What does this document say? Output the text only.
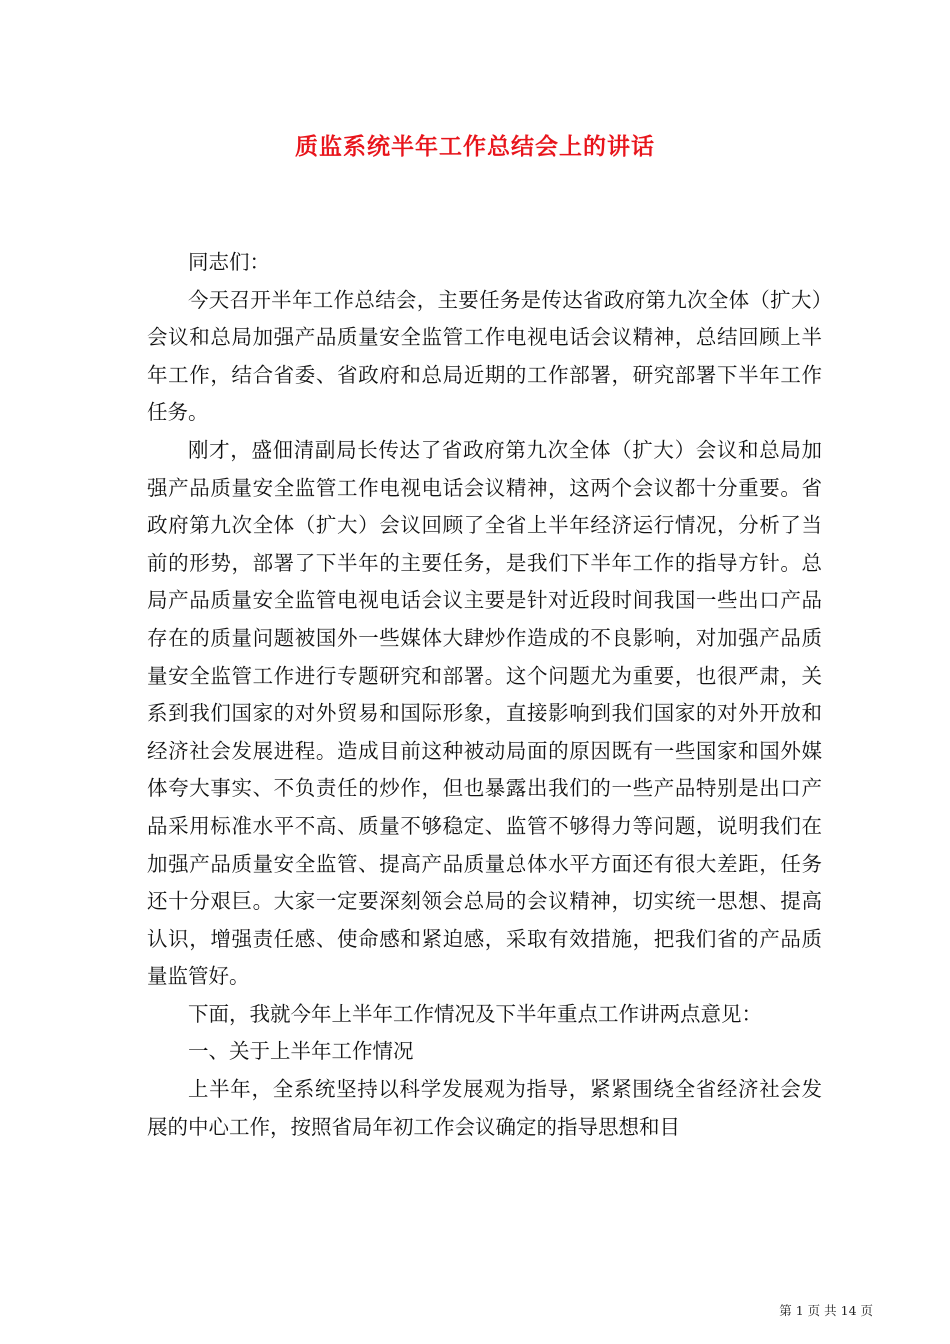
质监系统半年工作总结会上的讲话

同志们：

今天召开半年工作总结会，主要任务是传达省政府第九次全体（扩大）会议和总局加强产品质量安全监管工作电视电话会议精神，总结回顾上半年工作，结合省委、省政府和总局近期的工作部署，研究部署下半年工作任务。

刚才，盛佃清副局长传达了省政府第九次全体（扩大）会议和总局加强产品质量安全监管工作电视电话会议精神，这两个会议都十分重要。省政府第九次全体（扩大）会议回顾了全省上半年经济运行情况，分析了当前的形势，部署了下半年的主要任务，是我们下半年工作的指导方针。总局产品质量安全监管电视电话会议主要是针对近段时间我国一些出口产品存在的质量问题被国外一些媒体大肆炒作造成的不良影响，对加强产品质量安全监管工作进行专题研究和部署。这个问题尤为重要，也很严肃，关系到我们国家的对外贸易和国际形象，直接影响到我们国家的对外开放和经济社会发展进程。造成目前这种被动局面的原因既有一些国家和国外媒体夸大事实、不负责任的炒作，但也暴露出我们的一些产品特别是出口产品采用标准水平不高、质量不够稳定、监管不够得力等问题，说明我们在加强产品质量安全监管、提高产品质量总体水平方面还有很大差距，任务还十分艰巨。大家一定要深刻领会总局的会议精神，切实统一思想、提高认识，增强责任感、使命感和紧迫感，采取有效措施，把我们省的产品质量监管好。

下面，我就今年上半年工作情况及下半年重点工作讲两点意见：

一、关于上半年工作情况

上半年，全系统坚持以科学发展观为指导，紧紧围绕全省经济社会发展的中心工作，按照省局年初工作会议确定的指导思想和目

第 1 页 共 14 页
